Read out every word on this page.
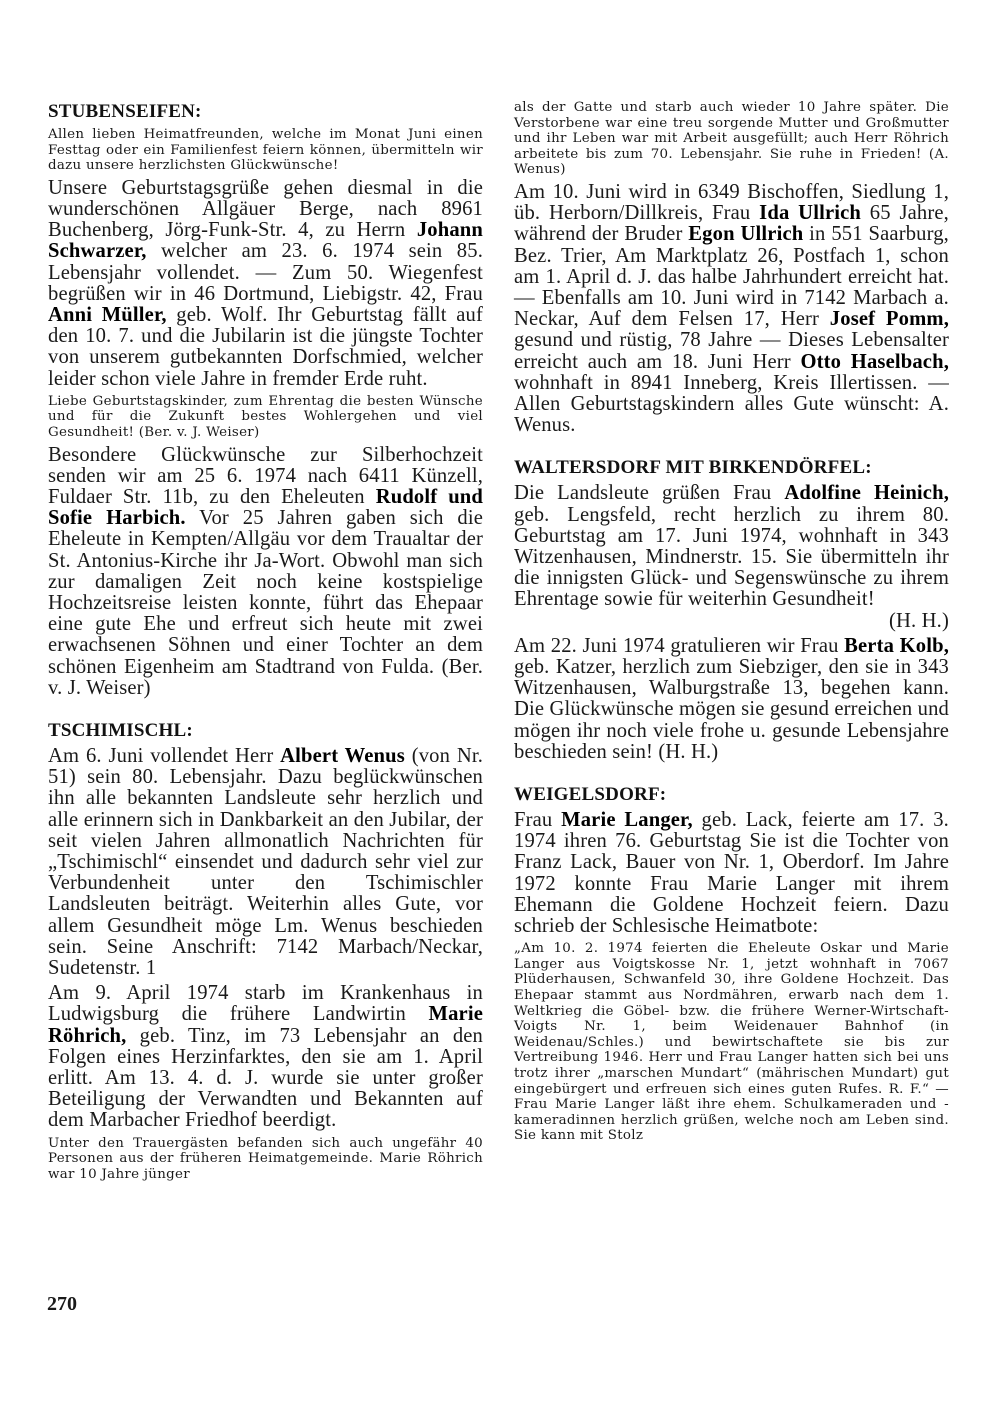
STUBENSEIFEN:

Allen lieben Heimatfreunden, welche im Monat Juni einen Festtag oder ein Familienfest feiern können, übermitteln wir dazu unsere herzlichsten Glückwünsche!

Unsere Geburtstagsgrüße gehen diesmal in die wunderschönen Allgäuer Berge, nach 8961 Buchenberg, Jörg-Funk-Str. 4, zu Herrn Johann Schwarzer, welcher am 23. 6. 1974 sein 85. Lebensjahr vollendet. — Zum 50. Wiegenfest begrüßen wir in 46 Dortmund, Liebigstr. 42, Frau Anni Müller, geb. Wolf. Ihr Geburtstag fällt auf den 10. 7. und die Jubilarin ist die jüngste Tochter von unserem gutbekannten Dorfschmied, welcher leider schon viele Jahre in fremder Erde ruht.

Liebe Geburtstagskinder, zum Ehrentag die besten Wünsche und für die Zukunft bestes Wohlergehen und viel Gesundheit! (Ber. v. J. Weiser)

Besondere Glückwünsche zur Silberhochzeit senden wir am 25 6. 1974 nach 6411 Künzell, Fuldaer Str. 11b, zu den Eheleuten Rudolf und Sofie Harbich. Vor 25 Jahren gaben sich die Eheleute in Kempten/Allgäu vor dem Traualtar der St. Antonius-Kirche ihr Ja-Wort. Obwohl man sich zur damaligen Zeit noch keine kostspielige Hochzeitsreise leisten konnte, führt das Ehepaar eine gute Ehe und erfreut sich heute mit zwei erwachsenen Söhnen und einer Tochter an dem schönen Eigenheim am Stadtrand von Fulda. (Ber. v. J. Weiser)

TSCHIMISCHL:

Am 6. Juni vollendet Herr Albert Wenus (von Nr. 51) sein 80. Lebensjahr. Dazu beglückwünschen ihn alle bekannten Landsleute sehr herzlich und alle erinnern sich in Dankbarkeit an den Jubilar, der seit vielen Jahren allmonatlich Nachrichten für „Tschimischl“ einsendet und dadurch sehr viel zur Verbundenheit unter den Tschimischler Landsleuten beiträgt. Weiterhin alles Gute, vor allem Gesundheit möge Lm. Wenus beschieden sein. Seine Anschrift: 7142 Marbach/Neckar, Sudetenstr. 1

Am 9. April 1974 starb im Krankenhaus in Ludwigsburg die frühere Landwirtin Marie Röhrich, geb. Tinz, im 73 Lebensjahr an den Folgen eines Herzinfarktes, den sie am 1. April erlitt. Am 13. 4. d. J. wurde sie unter großer Beteiligung der Verwandten und Bekannten auf dem Marbacher Friedhof beerdigt.

Unter den Trauergästen befanden sich auch ungefähr 40 Personen aus der früheren Heimatgemeinde. Marie Röhrich war 10 Jahre jünger

als der Gatte und starb auch wieder 10 Jahre später. Die Verstorbene war eine treu sorgende Mutter und Großmutter und ihr Leben war mit Arbeit ausgefüllt; auch Herr Röhrich arbeitete bis zum 70. Lebensjahr. Sie ruhe in Frieden! (A. Wenus)

Am 10. Juni wird in 6349 Bischoffen, Siedlung 1, üb. Herborn/Dillkreis, Frau Ida Ullrich 65 Jahre, während der Bruder Egon Ullrich in 551 Saarburg, Bez. Trier, Am Marktplatz 26, Postfach 1, schon am 1. April d. J. das halbe Jahrhundert erreicht hat. — Ebenfalls am 10. Juni wird in 7142 Marbach a. Neckar, Auf dem Felsen 17, Herr Josef Pomm, gesund und rüstig, 78 Jahre — Dieses Lebensalter erreicht auch am 18. Juni Herr Otto Haselbach, wohnhaft in 8941 Inneberg, Kreis Illertissen. — Allen Geburtstagskindern alles Gute wünscht: A. Wenus.

WALTERSDORF MIT BIRKENDÖRFEL:

Die Landsleute grüßen Frau Adolfine Heinich, geb. Lengsfeld, recht herzlich zu ihrem 80. Geburtstag am 17. Juni 1974, wohnhaft in 343 Witzenhausen, Mindnerstr. 15. Sie übermitteln ihr die innigsten Glück- und Segenswünsche zu ihrem Ehrentage sowie für weiterhin Gesundheit!

(H. H.)

Am 22. Juni 1974 gratulieren wir Frau Berta Kolb, geb. Katzer, herzlich zum Siebziger, den sie in 343 Witzenhausen, Walburgstraße 13, begehen kann. Die Glückwünsche mögen sie gesund erreichen und mögen ihr noch viele frohe u. gesunde Lebensjahre beschieden sein! (H. H.)

WEIGELSDORF:

Frau Marie Langer, geb. Lack, feierte am 17. 3. 1974 ihren 76. Geburtstag Sie ist die Tochter von Franz Lack, Bauer von Nr. 1, Oberdorf. Im Jahre 1972 konnte Frau Marie Langer mit ihrem Ehemann die Goldene Hochzeit feiern. Dazu schrieb der Schlesische Heimatbote:

„Am 10. 2. 1974 feierten die Eheleute Oskar und Marie Langer aus Voigtskosse Nr. 1, jetzt wohnhaft in 7067 Plüderhausen, Schwanfeld 30, ihre Goldene Hochzeit. Das Ehepaar stammt aus Nordmähren, erwarb nach dem 1. Weltkrieg die Göbel- bzw. die frühere Werner-Wirtschaft-Voigts Nr. 1, beim Weidenauer Bahnhof (in Weidenau/Schles.) und bewirtschaftete sie bis zur Vertreibung 1946. Herr und Frau Langer hatten sich bei uns trotz ihrer „marschen Mundart“ (mährischen Mundart) gut eingebürgert und erfreuen sich eines guten Rufes. R. F.“ — Frau Marie Langer läßt ihre ehem. Schulkameraden und -kameradinnen herzlich grüßen, welche noch am Leben sind. Sie kann mit Stolz

270
